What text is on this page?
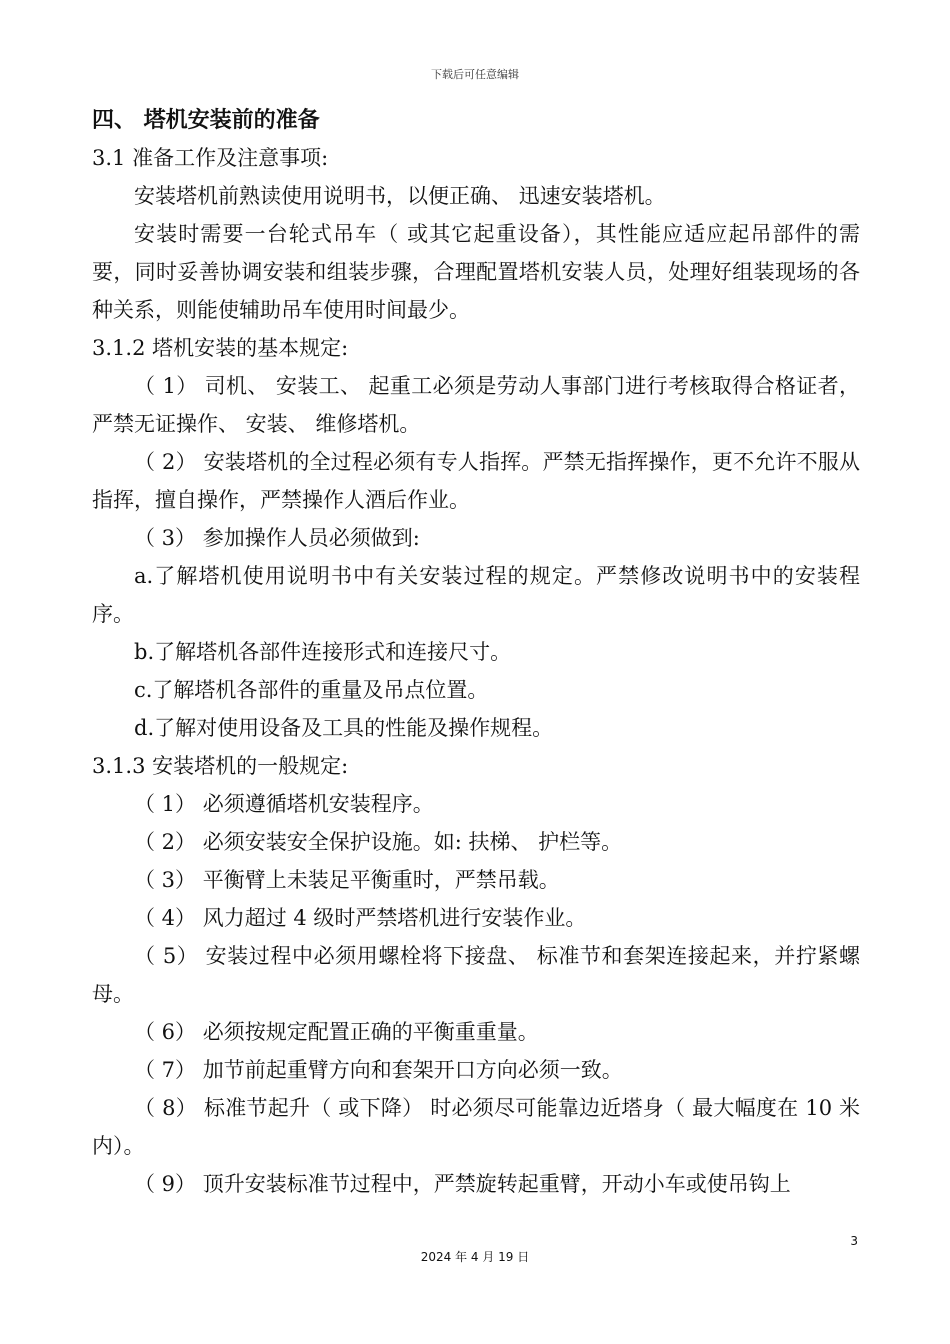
下载后可任意编辑
四、 塔机安装前的准备

3.1 准备工作及注意事项:

安装塔机前熟读使用说明书，以便正确、 迅速安装塔机。

安装时需要一台轮式吊车（ 或其它起重设备），其性能应适应起吊部件的需要，同时妥善协调安装和组装步骤，合理配置塔机安装人员，处理好组装现场的各种关系，则能使辅助吊车使用时间最少。

3.1.2 塔机安装的基本规定:

（ 1） 司机、 安装工、 起重工必须是劳动人事部门进行考核取得合格证者，严禁无证操作、 安装、 维修塔机。

（ 2） 安装塔机的全过程必须有专人指挥。严禁无指挥操作，更不允许不服从指挥，擅自操作，严禁操作人酒后作业。

（ 3） 参加操作人员必须做到:

a.了解塔机使用说明书中有关安装过程的规定。严禁修改说明书中的安装程序。

b.了解塔机各部件连接形式和连接尺寸。

c.了解塔机各部件的重量及吊点位置。

d.了解对使用设备及工具的性能及操作规程。

3.1.3 安装塔机的一般规定:

（ 1） 必须遵循塔机安装程序。

（ 2） 必须安装安全保护设施。如: 扶梯、 护栏等。

（ 3） 平衡臂上未装足平衡重时，严禁吊载。

（ 4） 风力超过 4 级时严禁塔机进行安装作业。

（ 5） 安装过程中必须用螺栓将下接盘、 标准节和套架连接起来，并拧紧螺母。

（ 6） 必须按规定配置正确的平衡重重量。

（ 7） 加节前起重臂方向和套架开口方向必须一致。

（ 8） 标准节起升（ 或下降） 时必须尽可能靠边近塔身（ 最大幅度在 10 米内）。

（ 9） 顶升安装标准节过程中，严禁旋转起重臂，开动小车或使吊钩上

3
2024 年 4 月 19 日
